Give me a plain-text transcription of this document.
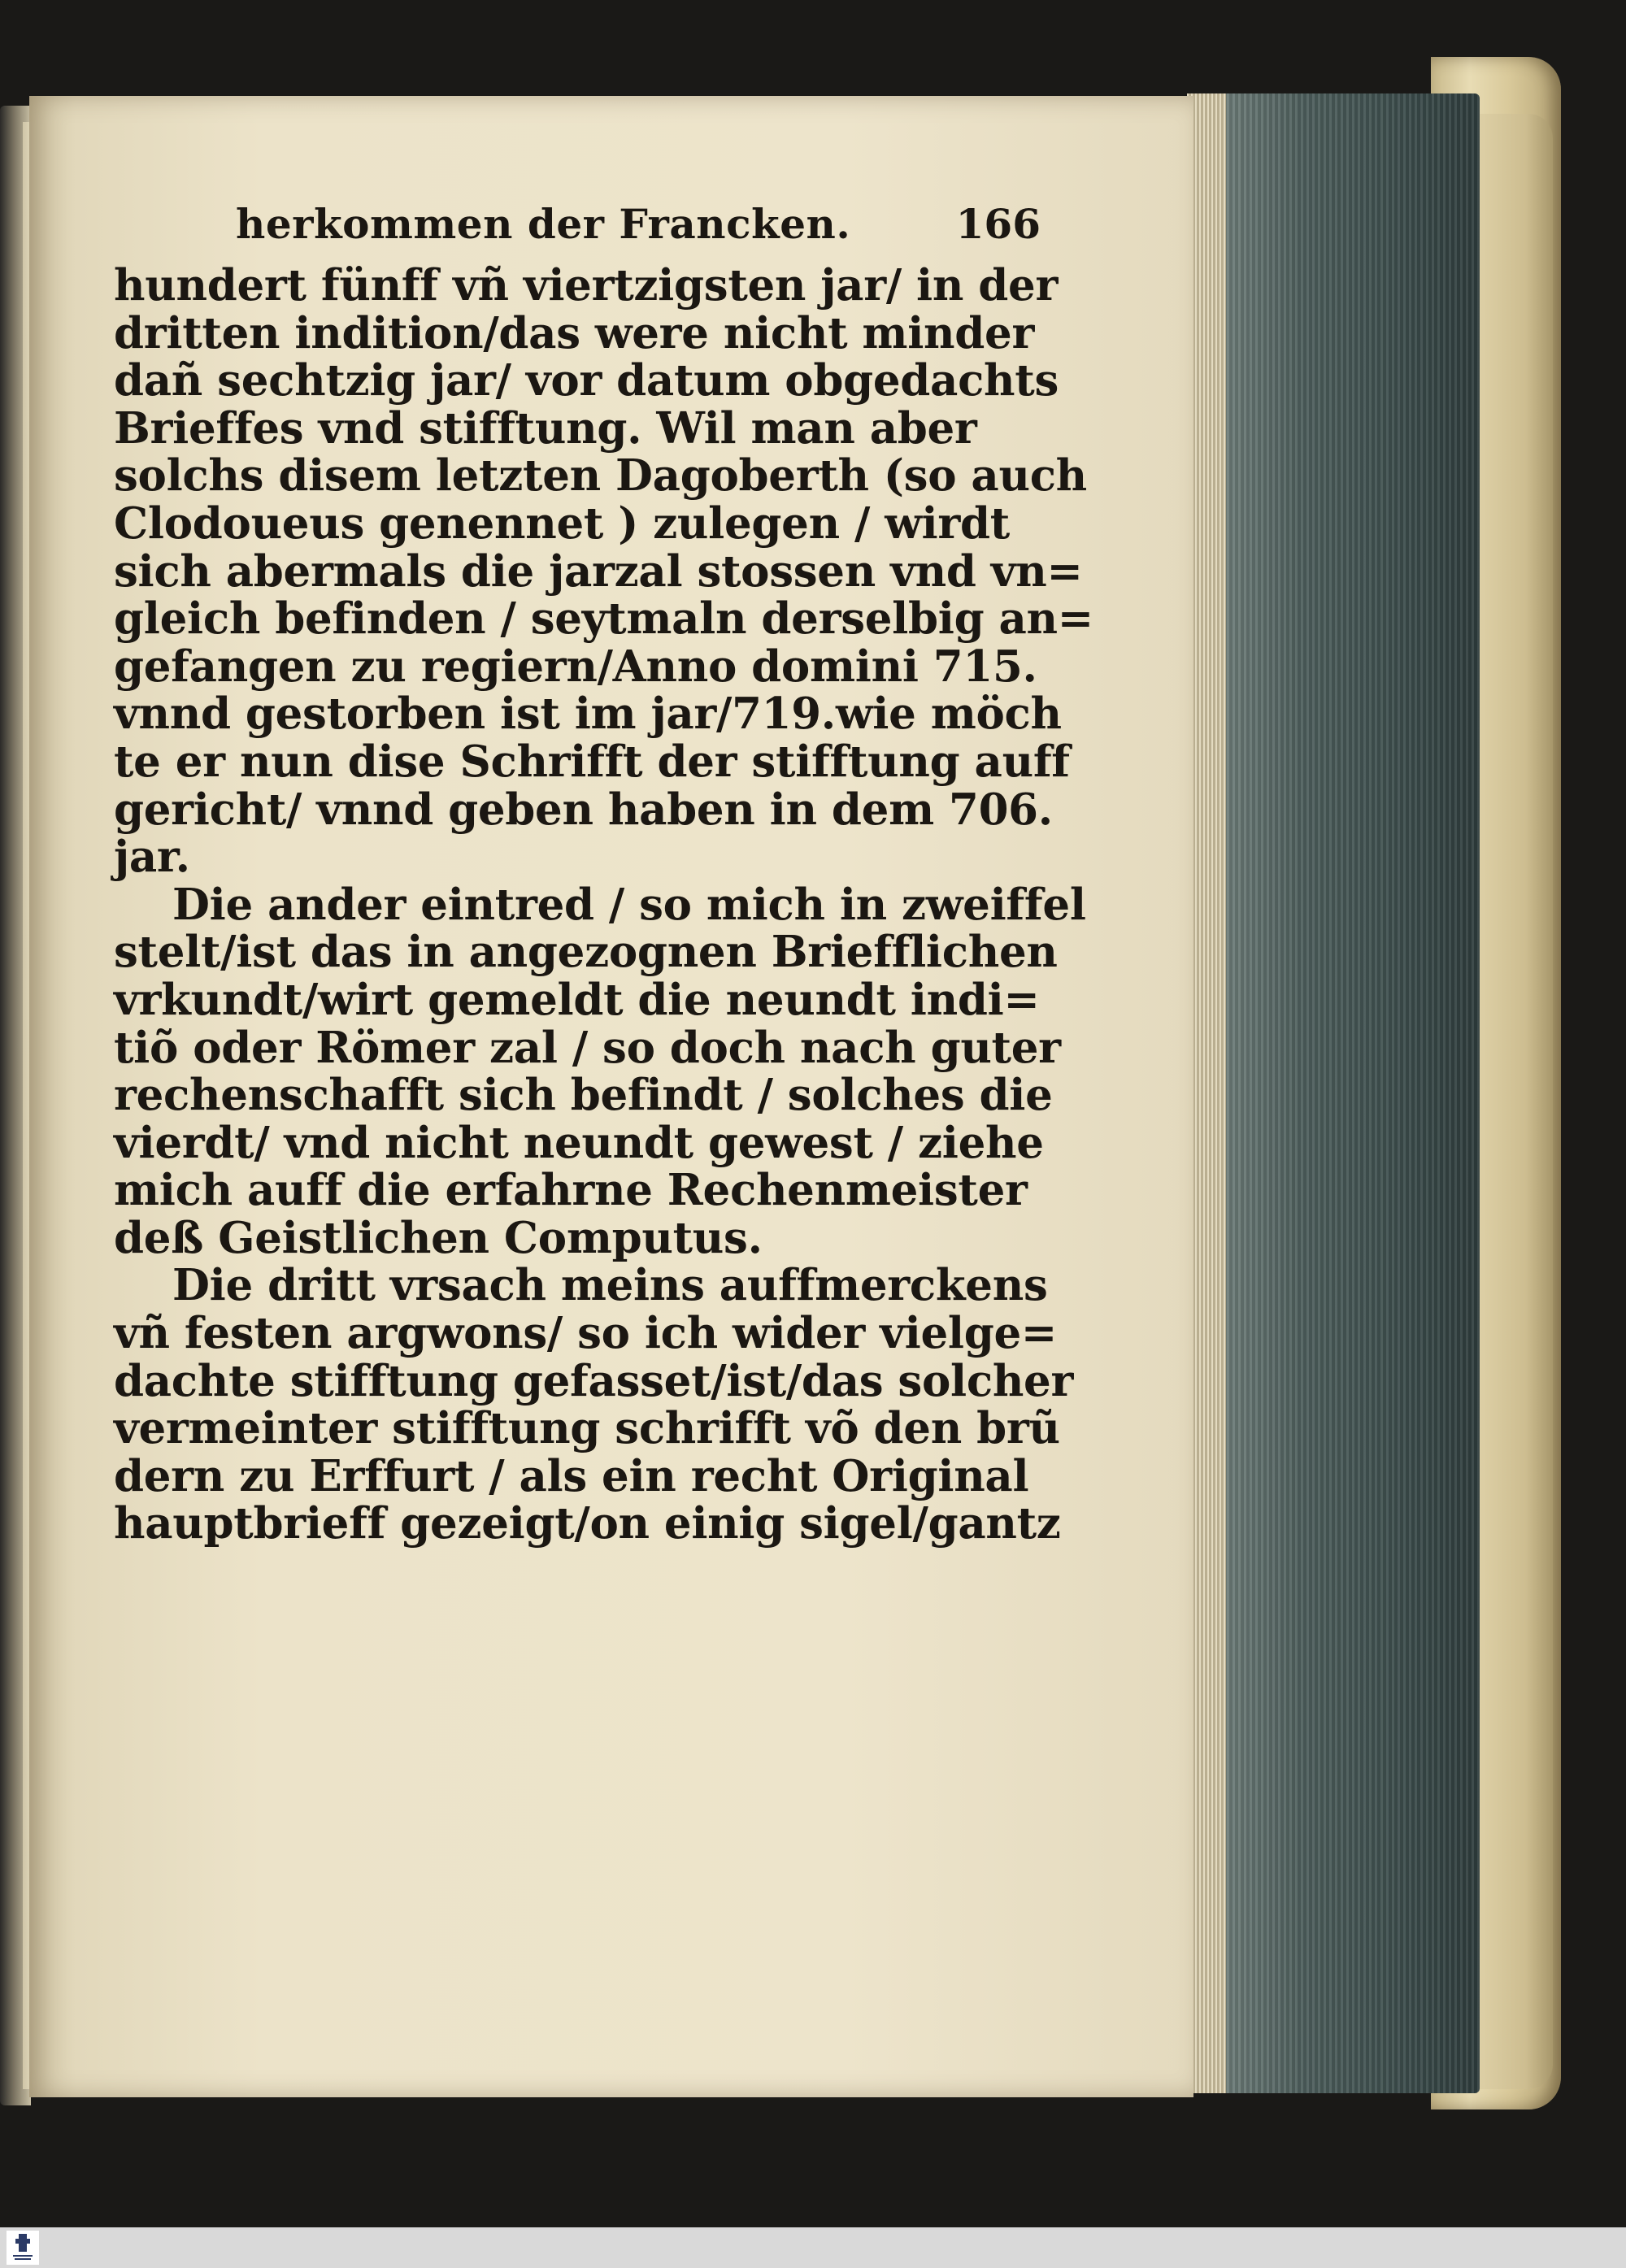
herkommen der Francken.	166
hundert fünff vñ viertzigsten jar/ in der
dritten indition/das were nicht minder
dañ sechtzig jar/ vor datum obgedachts
Brieffes vnd stifftung. Wil man aber
solchs disem letzten Dagoberth (so auch
Clodoueus genennet ) zulegen / wirdt
sich abermals die jarzal stossen vnd vn=
gleich befinden / seytmaln derselbig an=
gefangen zu regiern/Anno domini 715.
vnnd gestorben ist im jar/719.wie möch
te er nun dise Schrifft der stifftung auff
gericht/ vnnd geben haben in dem 706.
jar.
Die ander eintred / so mich in zweiffel
stelt/ist das in angezognen Briefflichen
vrkundt/wirt gemeldt die neundt indi=
tiõ oder Römer zal / so doch nach guter
rechenschafft sich befindt / solches die
vierdt/ vnd nicht neundt gewest / ziehe
mich auff die erfahrne Rechenmeister
deß Geistlichen Computus.
Die dritt vrsach meins auffmerckens
vñ festen argwons/ so ich wider vielge=
dachte stifftung gefasset/ist/das solcher
vermeinter stifftung schrifft võ den brũ
dern zu Erffurt / als ein recht Original
hauptbrieff gezeigt/on einig sigel/gantz
